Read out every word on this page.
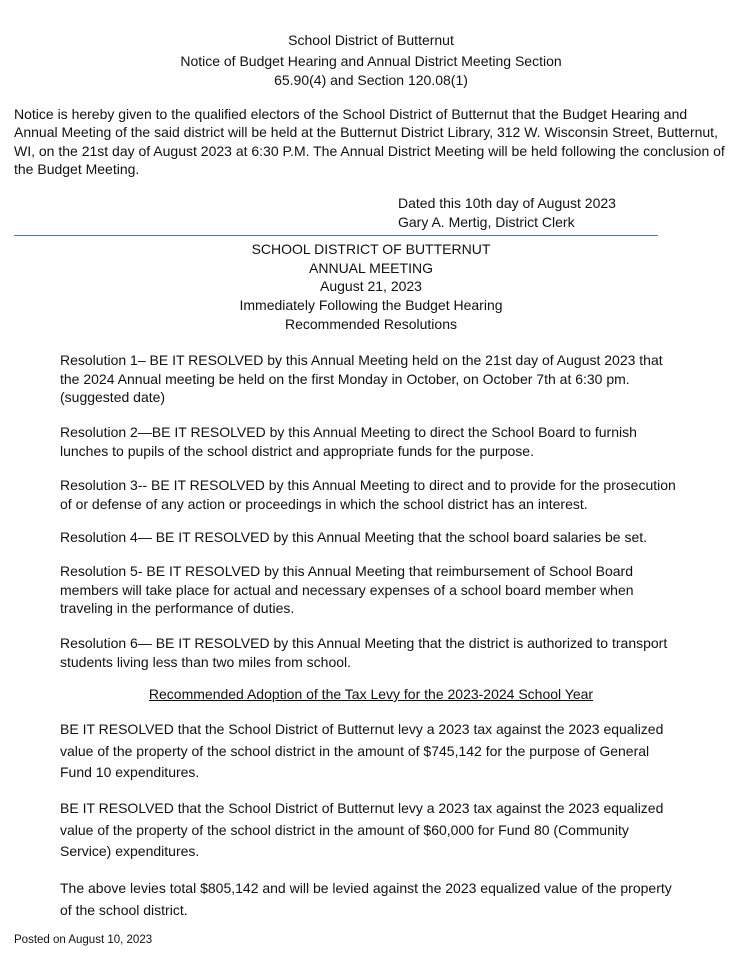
School District of Butternut
Notice of Budget Hearing and Annual District Meeting Section
65.90(4) and Section 120.08(1)
Notice is hereby given to the qualified electors of the School District of Butternut that the Budget Hearing and Annual Meeting of the said district will be held at the Butternut District Library, 312 W. Wisconsin Street, Butternut, WI, on the 21st day of August 2023 at 6:30 P.M. The Annual District Meeting will be held following the conclusion of the Budget Meeting.
Dated this 10th day of August 2023
Gary A. Mertig, District Clerk
SCHOOL DISTRICT OF BUTTERNUT
ANNUAL MEETING
August 21, 2023
Immediately Following the Budget Hearing
Recommended Resolutions
Resolution 1– BE IT RESOLVED by this Annual Meeting held on the 21st day of August 2023 that the 2024 Annual meeting be held on the first Monday in October, on October 7th at 6:30 pm. (suggested date)
Resolution 2—BE IT RESOLVED by this Annual Meeting to direct the School Board to furnish lunches to pupils of the school district and appropriate funds for the purpose.
Resolution 3-- BE IT RESOLVED by this Annual Meeting to direct and to provide for the prosecution of or defense of any action or proceedings in which the school district has an interest.
Resolution 4— BE IT RESOLVED by this Annual Meeting that the school board salaries be set.
Resolution 5- BE IT RESOLVED by this Annual Meeting that reimbursement of School Board members will take place for actual and necessary expenses of a school board member when traveling in the performance of duties.
Resolution 6— BE IT RESOLVED by this Annual Meeting that the district is authorized to transport students living less than two miles from school.
Recommended Adoption of the Tax Levy for the 2023-2024 School Year
BE IT RESOLVED that the School District of Butternut levy a 2023 tax against the 2023 equalized value of the property of the school district in the amount of $745,142 for the purpose of General Fund 10 expenditures.
BE IT RESOLVED that the School District of Butternut levy a 2023 tax against the 2023 equalized value of the property of the school district in the amount of $60,000 for Fund 80 (Community Service) expenditures.
The above levies total $805,142 and will be levied against the 2023 equalized value of the property of the school district.
Posted on August 10, 2023
